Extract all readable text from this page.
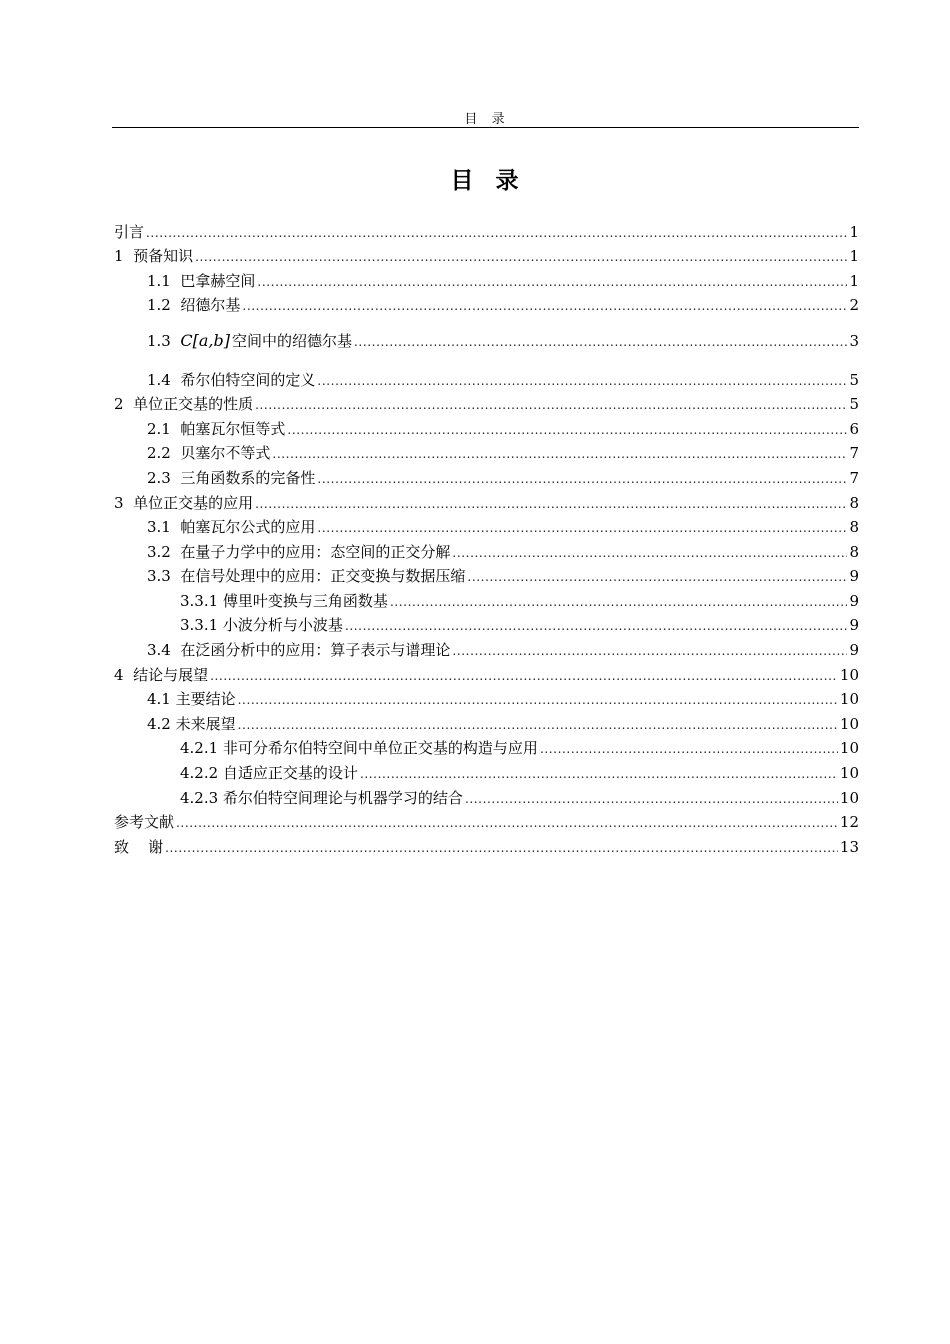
目  录
目  录
引言 .....	1
1  预备知识 .....	1
1.1  巴拿赫空间 .....	1
1.2  绍德尔基 .....	2
1.3  C[a,b] 空间中的绍德尔基 .....	3
1.4  希尔伯特空间的定义 .....	5
2  单位正交基的性质 .....	5
2.1  帕塞瓦尔恒等式 .....	6
2.2  贝塞尔不等式 .....	7
2.3  三角函数系的完备性 .....	7
3  单位正交基的应用 .....	8
3.1  帕塞瓦尔公式的应用 .....	8
3.2  在量子力学中的应用：态空间的正交分解 .....	8
3.3  在信号处理中的应用：正交变换与数据压缩 .....	9
3.3.1 傅里叶变换与三角函数基 .....	9
3.3.1 小波分析与小波基 .....	9
3.4  在泛函分析中的应用：算子表示与谱理论 .....	9
4  结论与展望 .....	10
4.1 主要结论 .....	10
4.2 未来展望 .....	10
4.2.1 非可分希尔伯特空间中单位正交基的构造与应用 .....	10
4.2.2 自适应正交基的设计 .....	10
4.2.3 希尔伯特空间理论与机器学习的结合 .....	10
参考文献 .....	12
致    谢 .....	13
